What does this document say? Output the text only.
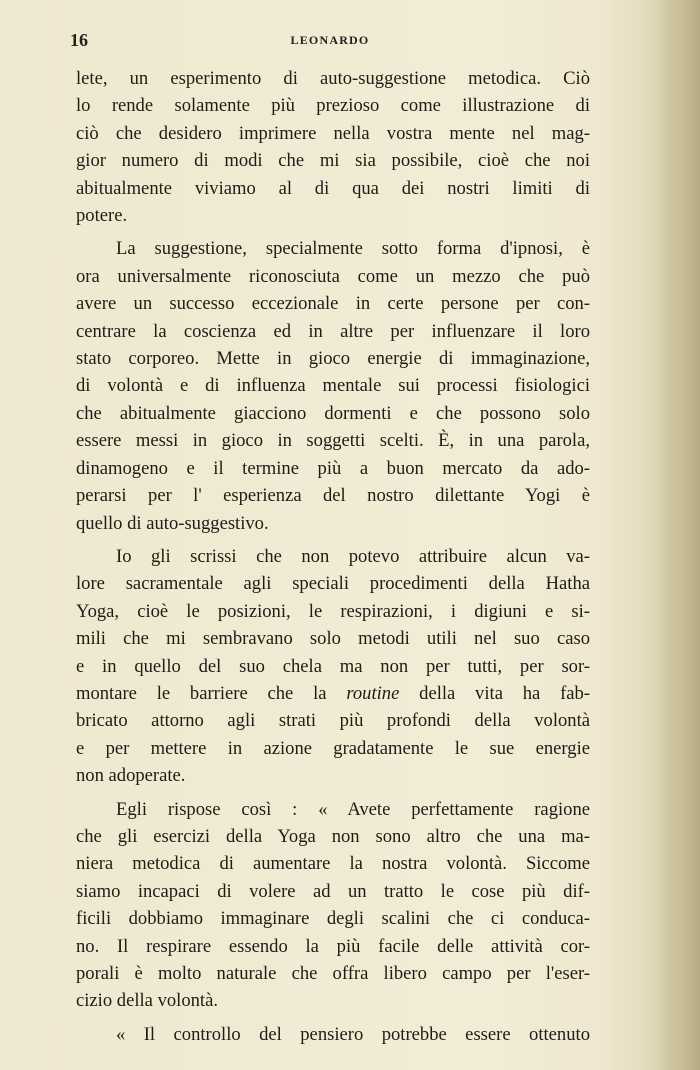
16	LEONARDO

lete, un esperimento di auto-suggestione metodica. Ciò
lo rende solamente più prezioso come illustrazione di
ciò che desidero imprimere nella vostra mente nel mag-
gior numero di modi che mi sia possibile, cioè che noi
abitualmente viviamo al di qua dei nostri limiti di
potere.

La suggestione, specialmente sotto forma d'ipnosi, è
ora universalmente riconosciuta come un mezzo che può
avere un successo eccezionale in certe persone per con-
centrare la coscienza ed in altre per influenzare il loro
stato corporeo. Mette in gioco energie di immaginazione,
di volontà e di influenza mentale sui processi fisiologici
che abitualmente giacciono dormenti e che possono solo
essere messi in gioco in soggetti scelti. È, in una parola,
dinamogeno e il termine più a buon mercato da ado-
perarsi per l' esperienza del nostro dilettante Yogi è
quello di auto-suggestivo.

Io gli scrissi che non potevo attribuire alcun va-
lore sacramentale agli speciali procedimenti della Hatha
Yoga, cioè le posizioni, le respirazioni, i digiuni e si-
mili che mi sembravano solo metodi utili nel suo caso
e in quello del suo chela ma non per tutti, per sor-
montare le barriere che la routine della vita ha fab-
bricato attorno agli strati più profondi della volontà
e per mettere in azione gradatamente le sue energie
non adoperate.

Egli rispose così : « Avete perfettamente ragione
che gli esercizi della Yoga non sono altro che una ma-
niera metodica di aumentare la nostra volontà. Siccome
siamo incapaci di volere ad un tratto le cose più dif-
ficili dobbiamo immaginare degli scalini che ci conduca-
no. Il respirare essendo la più facile delle attività cor-
porali è molto naturale che offra libero campo per l'eser-
cizio della volontà.

« Il controllo del pensiero potrebbe essere ottenuto
